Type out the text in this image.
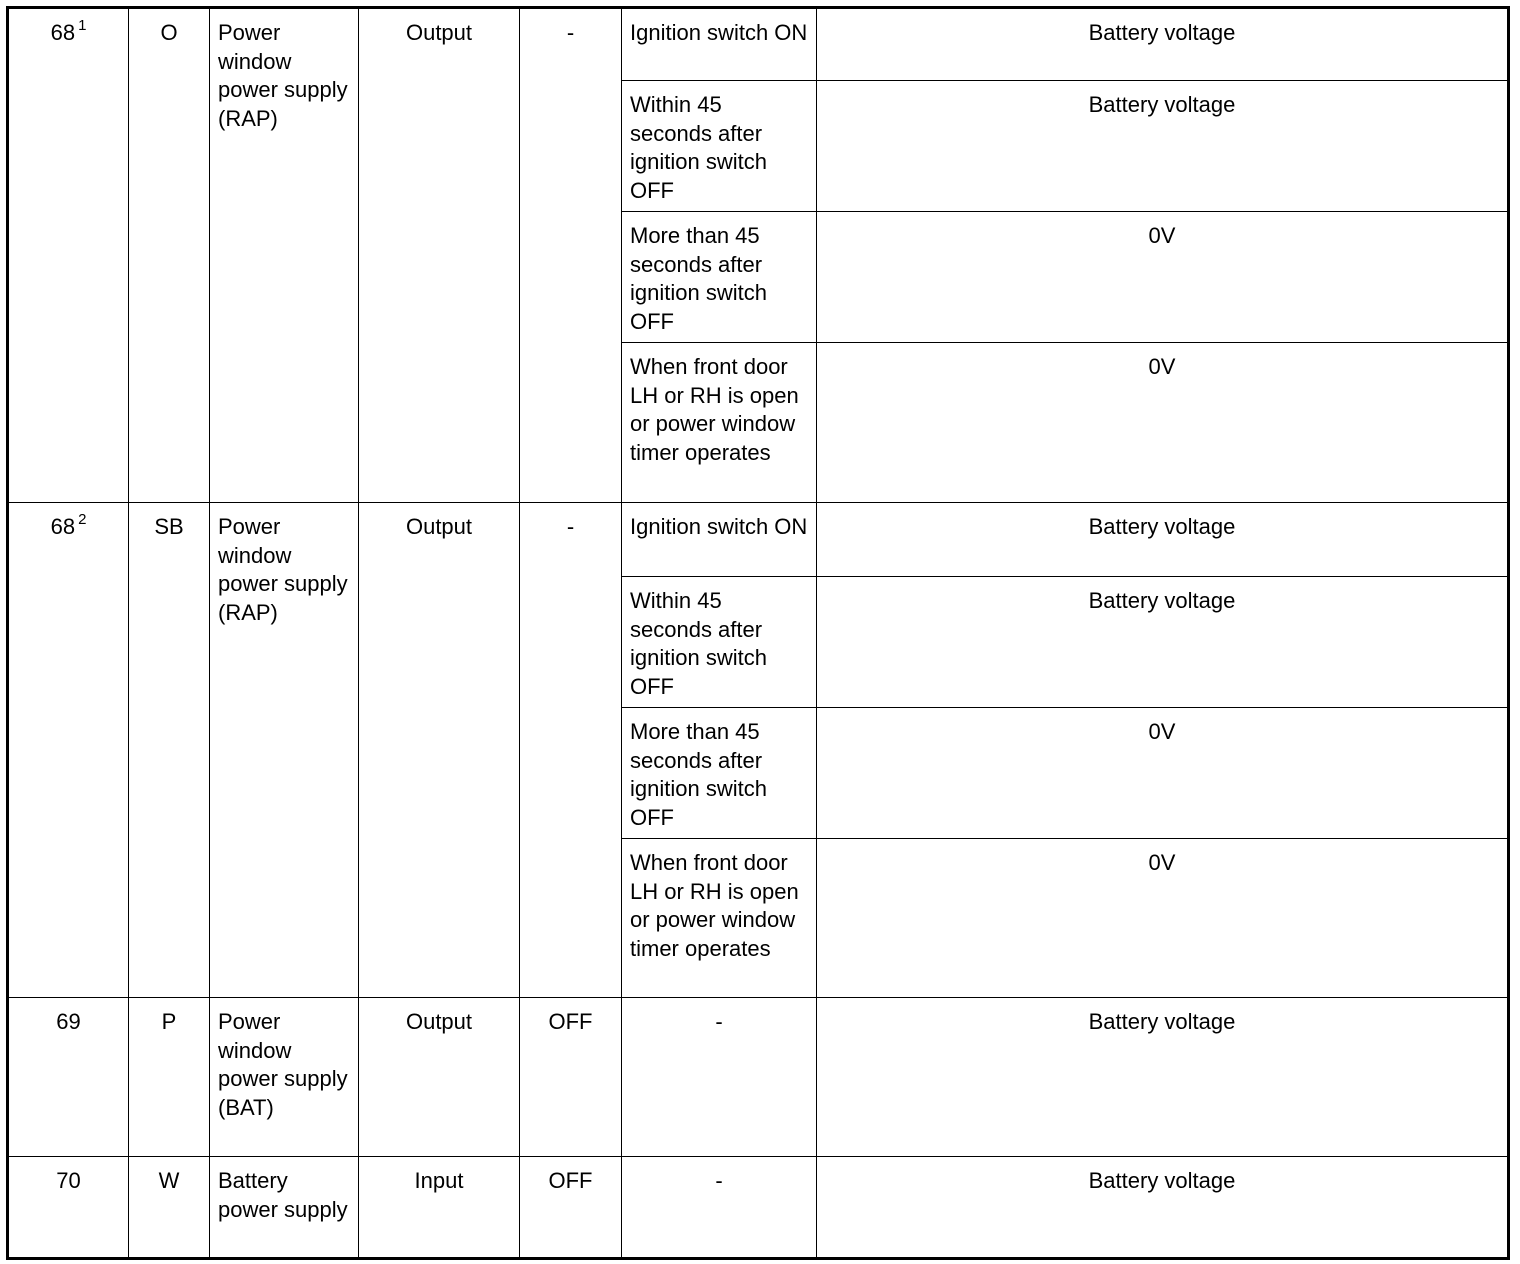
68 $^1$	O	Power window power supply (RAP)	Output	-	Ignition switch ON	Battery voltage
					Within 45 seconds after ignition switch OFF	Battery voltage
					More than 45 seconds after ignition switch OFF	0V
					When front door LH or RH is open or power window timer operates	0V
68 $^2$	SB	Power window power supply (RAP)	Output	-	Ignition switch ON	Battery voltage
					Within 45 seconds after ignition switch OFF	Battery voltage
					More than 45 seconds after ignition switch OFF	0V
					When front door LH or RH is open or power window timer operates	0V
69	P	Power window power supply (BAT)	Output	OFF	-	Battery voltage
70	W	Battery power supply	Input	OFF	-	Battery voltage
